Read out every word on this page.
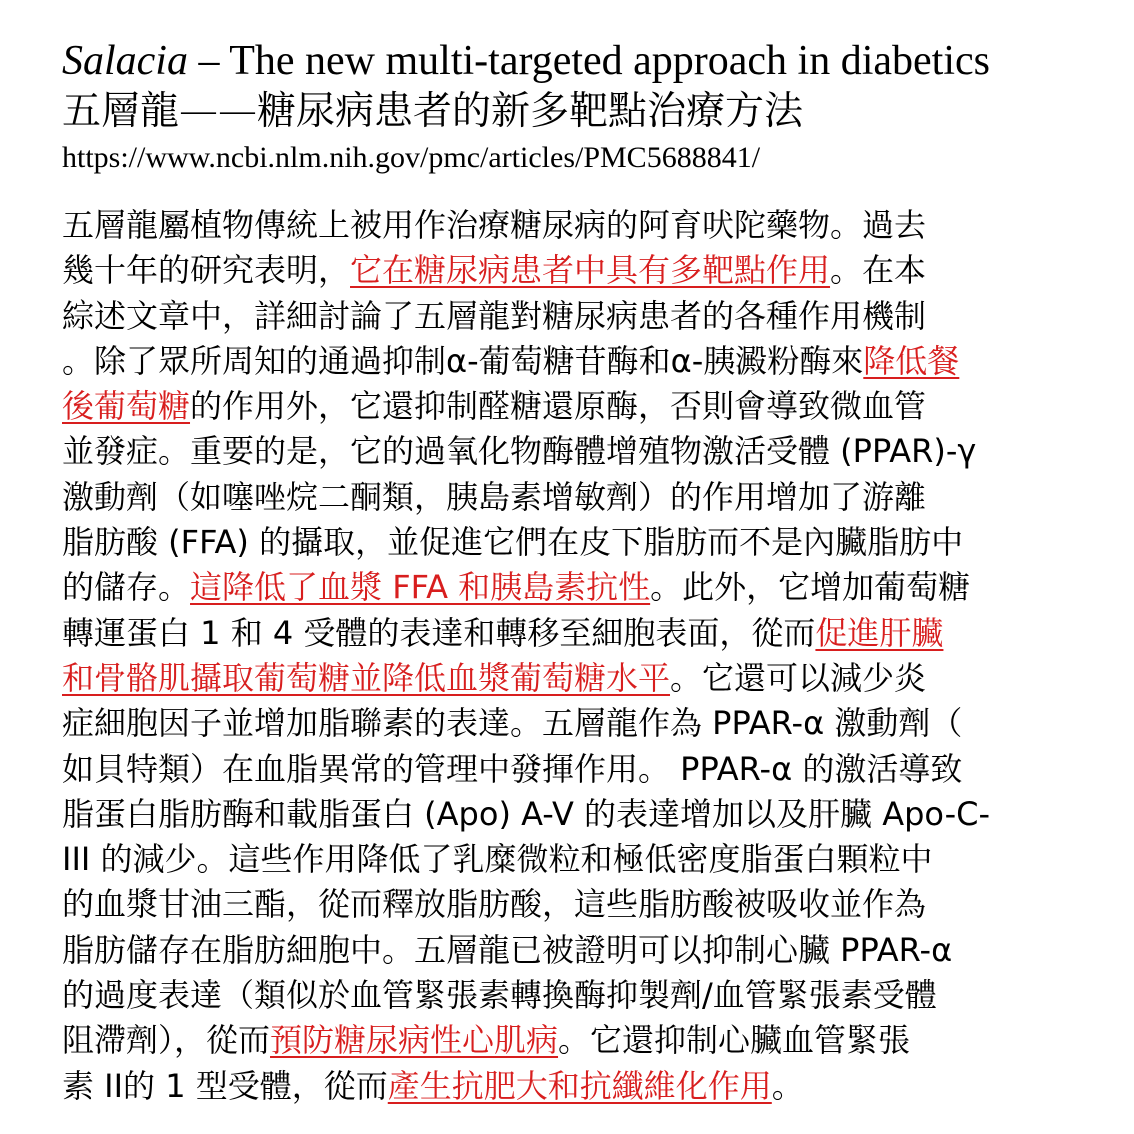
Salacia – The new multi-targeted approach in diabetics
五層龍——糖尿病患者的新多靶點治療方法
https://www.ncbi.nlm.nih.gov/pmc/articles/PMC5688841/
五層龍屬植物傳統上被用作治療糖尿病的阿育吠陀藥物。過去
幾十年的研究表明，它在糖尿病患者中具有多靶點作用。在本
綜述文章中，詳細討論了五層龍對糖尿病患者的各種作用機制
。除了眾所周知的通過抑制α-葡萄糖苷酶和α-胰澱粉酶來降低餐
後葡萄糖的作用外，它還抑制醛糖還原酶，否則會導致微血管
並發症。重要的是，它的過氧化物酶體增殖物激活受體 (PPAR)-γ
激動劑（如噻唑烷二酮類，胰島素增敏劑）的作用增加了游離
脂肪酸 (FFA) 的攝取，並促進它們在皮下脂肪而不是內臟脂肪中
的儲存。這降低了血漿 FFA 和胰島素抗性。此外，它增加葡萄糖
轉運蛋白 1 和 4 受體的表達和轉移至細胞表面，從而促進肝臟
和骨骼肌攝取葡萄糖並降低血漿葡萄糖水平。它還可以減少炎
症細胞因子並增加脂聯素的表達。五層龍作為 PPAR-α 激動劑（
如貝特類）在血脂異常的管理中發揮作用。 PPAR-α 的激活導致
脂蛋白脂肪酶和載脂蛋白 (Apo) A-V 的表達增加以及肝臟 Apo-C-
III 的減少。這些作用降低了乳糜微粒和極低密度脂蛋白顆粒中
的血漿甘油三酯，從而釋放脂肪酸，這些脂肪酸被吸收並作為
脂肪儲存在脂肪細胞中。五層龍已被證明可以抑制心臟 PPAR-α
的過度表達（類似於血管緊張素轉換酶抑製劑/血管緊張素受體
阻滯劑），從而預防糖尿病性心肌病。它還抑制心臟血管緊張
素 II的 1 型受體，從而產生抗肥大和抗纖維化作用。
